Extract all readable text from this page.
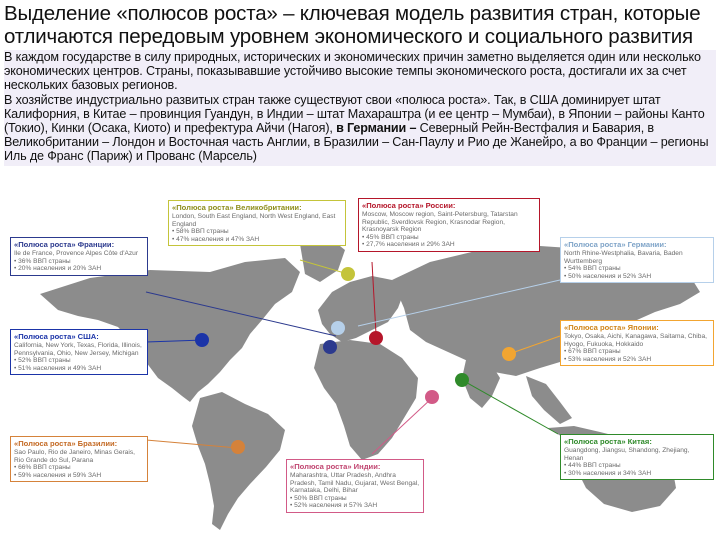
Выделение «полюсов роста» – ключевая модель развития стран, которые отличаются передовым уровнем экономического и социального развития

В каждом государстве в силу природных, исторических и экономических причин заметно выделяется один или несколько экономических центров. Страны, показывавшие устойчиво высокие темпы экономического роста, достигали их за счет нескольких базовых регионов.

В хозяйстве индустриально развитых стран также существуют свои «полюса роста». Так, в США доминирует штат Калифорния, в Китае – провинция Гуандун, в Индии – штат Махараштра (и ее центр – Мумбаи), в Японии – районы Канто (Токио), Кинки (Осака, Киото) и префектура Айчи (Нагоя), в Германии – Северный Рейн-Вестфалия и Бавария, в Великобритании – Лондон и Восточная часть Англии, в Бразилии – Сан-Паулу и Рио де Жанейро, а во Франции – регионы Иль де Франс (Париж) и Прованс (Марсель)

«Полюса роста» Франции:
Ile de France, Provence Alpes Côte d'Azur
• 36% ВВП страны
• 20% населения и 20% ЗАН
«Полюса роста» Великобритании:
London, South East England, North West England, East England
• 58% ВВП страны
• 47% населения и 47% ЗАН
«Полюса роста» России:
Moscow, Moscow region, Saint-Petersburg, Tatarstan Republic, Sverdlovsk Region, Krasnodar Region, Krasnoyarsk Region
• 45% ВВП страны
• 27,7% населения и 29% ЗАН	«Полюса роста» Германии:
North Rhine-Westphalia, Bavaria, Baden Wurttemberg
• 54% ВВП страны
• 50% населения и 52% ЗАН
«Полюса роста» США:
California, New York, Texas, Florida, Illinois, Pennsylvania, Ohio, New Jersey, Michigan
• 52% ВВП страны
• 51% населения и 49% ЗАН
«Полюса роста» Японии:
Tokyo, Osaka, Aichi, Kanagawa, Saitama, Chiba, Hyogo, Fukuoka, Hokkaido
• 67% ВВП страны
• 53% населения и 52% ЗАН
«Полюса роста» Бразилии:
Sao Paulo, Rio de Janeiro, Minas Gerais, Rio Grande do Sul, Parana
• 66% ВВП страны
• 59% населения и 59% ЗАН
«Полюса роста» Индии:
Maharashtra, Uttar Pradesh, Andhra Pradesh, Tamil Nadu, Gujarat, West Bengal, Karnataka, Delhi, Bihar
• 50% ВВП страны
• 52% населения и 57% ЗАН
«Полюса роста» Китая:
Guangdong, Jiangsu, Shandong, Zhejiang, Henan
• 44% ВВП страны
• 30% населения и 34% ЗАН
